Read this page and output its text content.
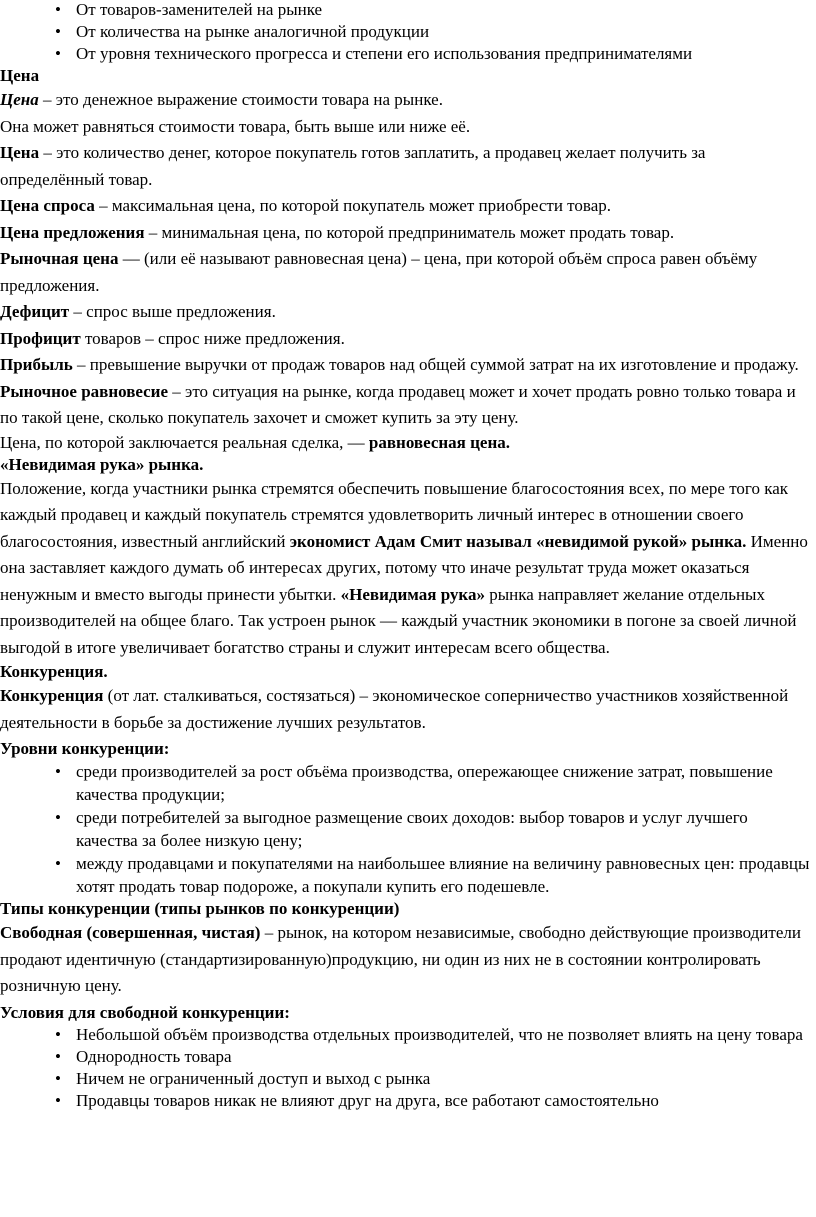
• От товаров-заменителей на рынке
• От количества на рынке аналогичной продукции
• От уровня технического прогресса и степени его использования предпринимателями

Цена

Цена – это денежное выражение стоимости товара на рынке.

Она может равняться стоимости товара, быть выше или ниже её.

Цена – это количество денег, которое покупатель готов заплатить, а продавец желает получить за определённый товар.

Цена спроса – максимальная цена, по которой покупатель может приобрести товар.

Цена предложения – минимальная цена, по которой предприниматель может продать товар.

Рыночная цена — (или её называют равновесная цена) – цена, при которой объём спроса равен объёму предложения.

Дефицит – спрос выше предложения.

Профицит товаров – спрос ниже предложения.

Прибыль – превышение выручки от продаж товаров над общей суммой затрат на их изготовление и продажу.

Рыночное равновесие – это ситуация на рынке, когда продавец может и хочет продать ровно только товара и по такой цене, сколько покупатель захочет и сможет купить за эту цену.

Цена, по которой заключается реальная сделка, — равновесная цена.

«Невидимая рука» рынка.

Положение, когда участники рынка стремятся обеспечить повышение благосостояния всех, по мере того как каждый продавец и каждый покупатель стремятся удовлетворить личный интерес в отношении своего благосостояния, известный английский экономист Адам Смит называл «невидимой рукой» рынка. Именно она заставляет каждого думать об интересах других, потому что иначе результат труда может оказаться ненужным и вместо выгоды принести убытки. «Невидимая рука» рынка направляет желание отдельных производителей на общее благо. Так устроен рынок — каждый участник экономики в погоне за своей личной выгодой в итоге увеличивает богатство страны и служит интересам всего общества.

Конкуренция.

Конкуренция (от лат. сталкиваться, состязаться) – экономическое соперничество участников хозяйственной деятельности в борьбе за достижение лучших результатов.

Уровни конкуренции:

• среди производителей за рост объёма производства, опережающее снижение затрат, повышение качества продукции;
• среди потребителей за выгодное размещение своих доходов: выбор товаров и услуг лучшего качества за более низкую цену;
• между продавцами и покупателями на наибольшее влияние на величину равновесных цен: продавцы хотят продать товар подороже, а покупали купить его подешевле.

Типы конкуренции (типы рынков по конкуренции)

Свободная (совершенная, чистая) – рынок, на котором независимые, свободно действующие производители продают идентичную (стандартизированную)продукцию, ни один из них не в состоянии контролировать розничную цену.

Условия для свободной конкуренции:

• Небольшой объём производства отдельных производителей, что не позволяет влиять на цену товара
• Однородность товара
• Ничем не ограниченный доступ и выход с рынка
• Продавцы товаров никак не влияют друг на друга, все работают самостоятельно
